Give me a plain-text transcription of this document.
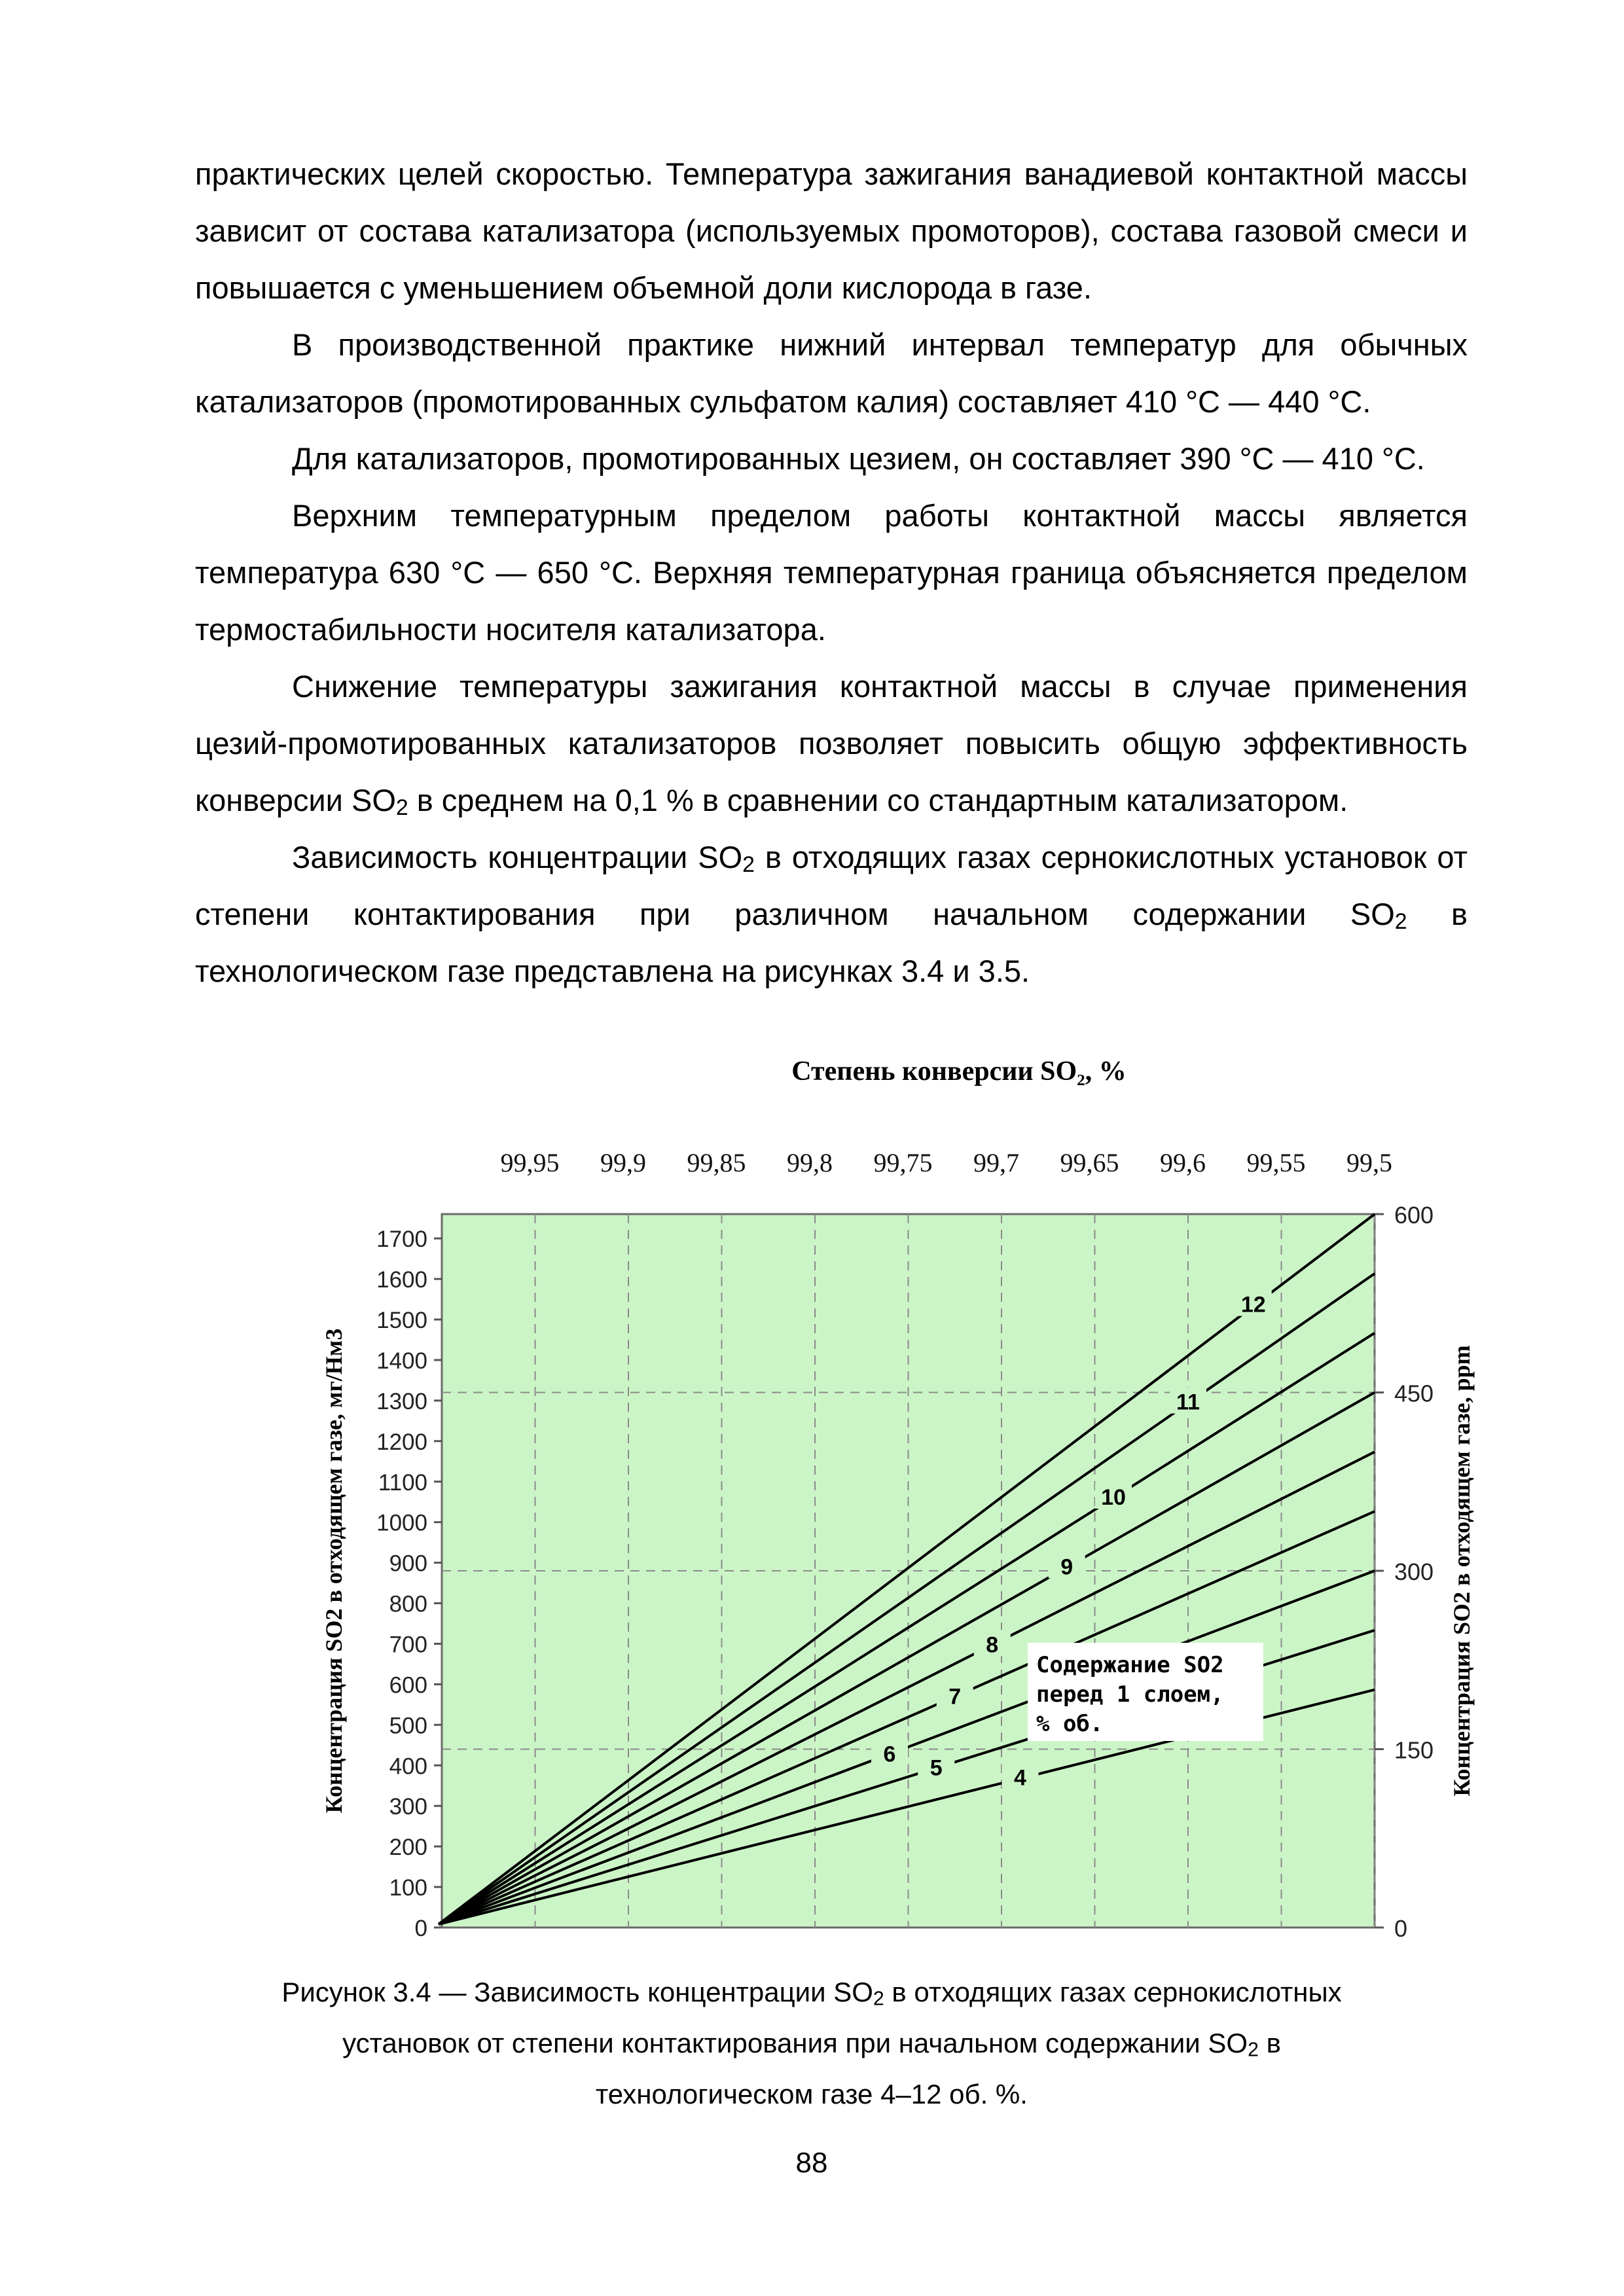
практических целей скоростью. Температура зажигания ванадиевой контактной массы зависит от состава катализатора (используемых промоторов), состава газовой смеси и повышается с уменьшением объемной доли кислорода в газе.

В производственной практике нижний интервал температур для обычных катализаторов (промотированных сульфатом калия) составляет 410 °С — 440 °С.

Для катализаторов, промотированных цезием, он составляет 390 °С — 410 °С.

Верхним температурным пределом работы контактной массы является температура 630 °С — 650 °С. Верхняя температурная граница объясняется пределом термостабильности носителя катализатора.

Снижение температуры зажигания контактной массы в случае применения цезий-промотированных катализаторов позволяет повысить общую эффективность конверсии $SO_2$ в среднем на 0,1 % в сравнении со стандартным катализатором.

Зависимость концентрации $SO_2$ в отходящих газах сернокислотных установок от степени контактирования при различном начальном содержании $SO_2$ в технологическом газе представлена на рисунках 3.4 и 3.5.

99,95 99,9 99,85 99,8 99,75 99,7 99,65 99,6 99,55 99,5
0
150
300
450
600
0
100
200
300
400
500
600
700
800
900
1000
1100
1200
1300
1400
1500
1600
1700
4
5
6
7
8
9
10
11
12
Содержание SO2
перед 1 слоем,
% об.
Степень конверсии SO₂, %
Концентрация SO2 в отходящем газе, мг/Нм3	Концентрация SO2 в отходящем газе, ppm
Рисунок 3.4 — Зависимость концентрации $SO_2$ в отходящих газах сернокислотных
установок от степени контактирования при начальном содержании $SO_2$ в
технологическом газе 4–12 об. %.
88
